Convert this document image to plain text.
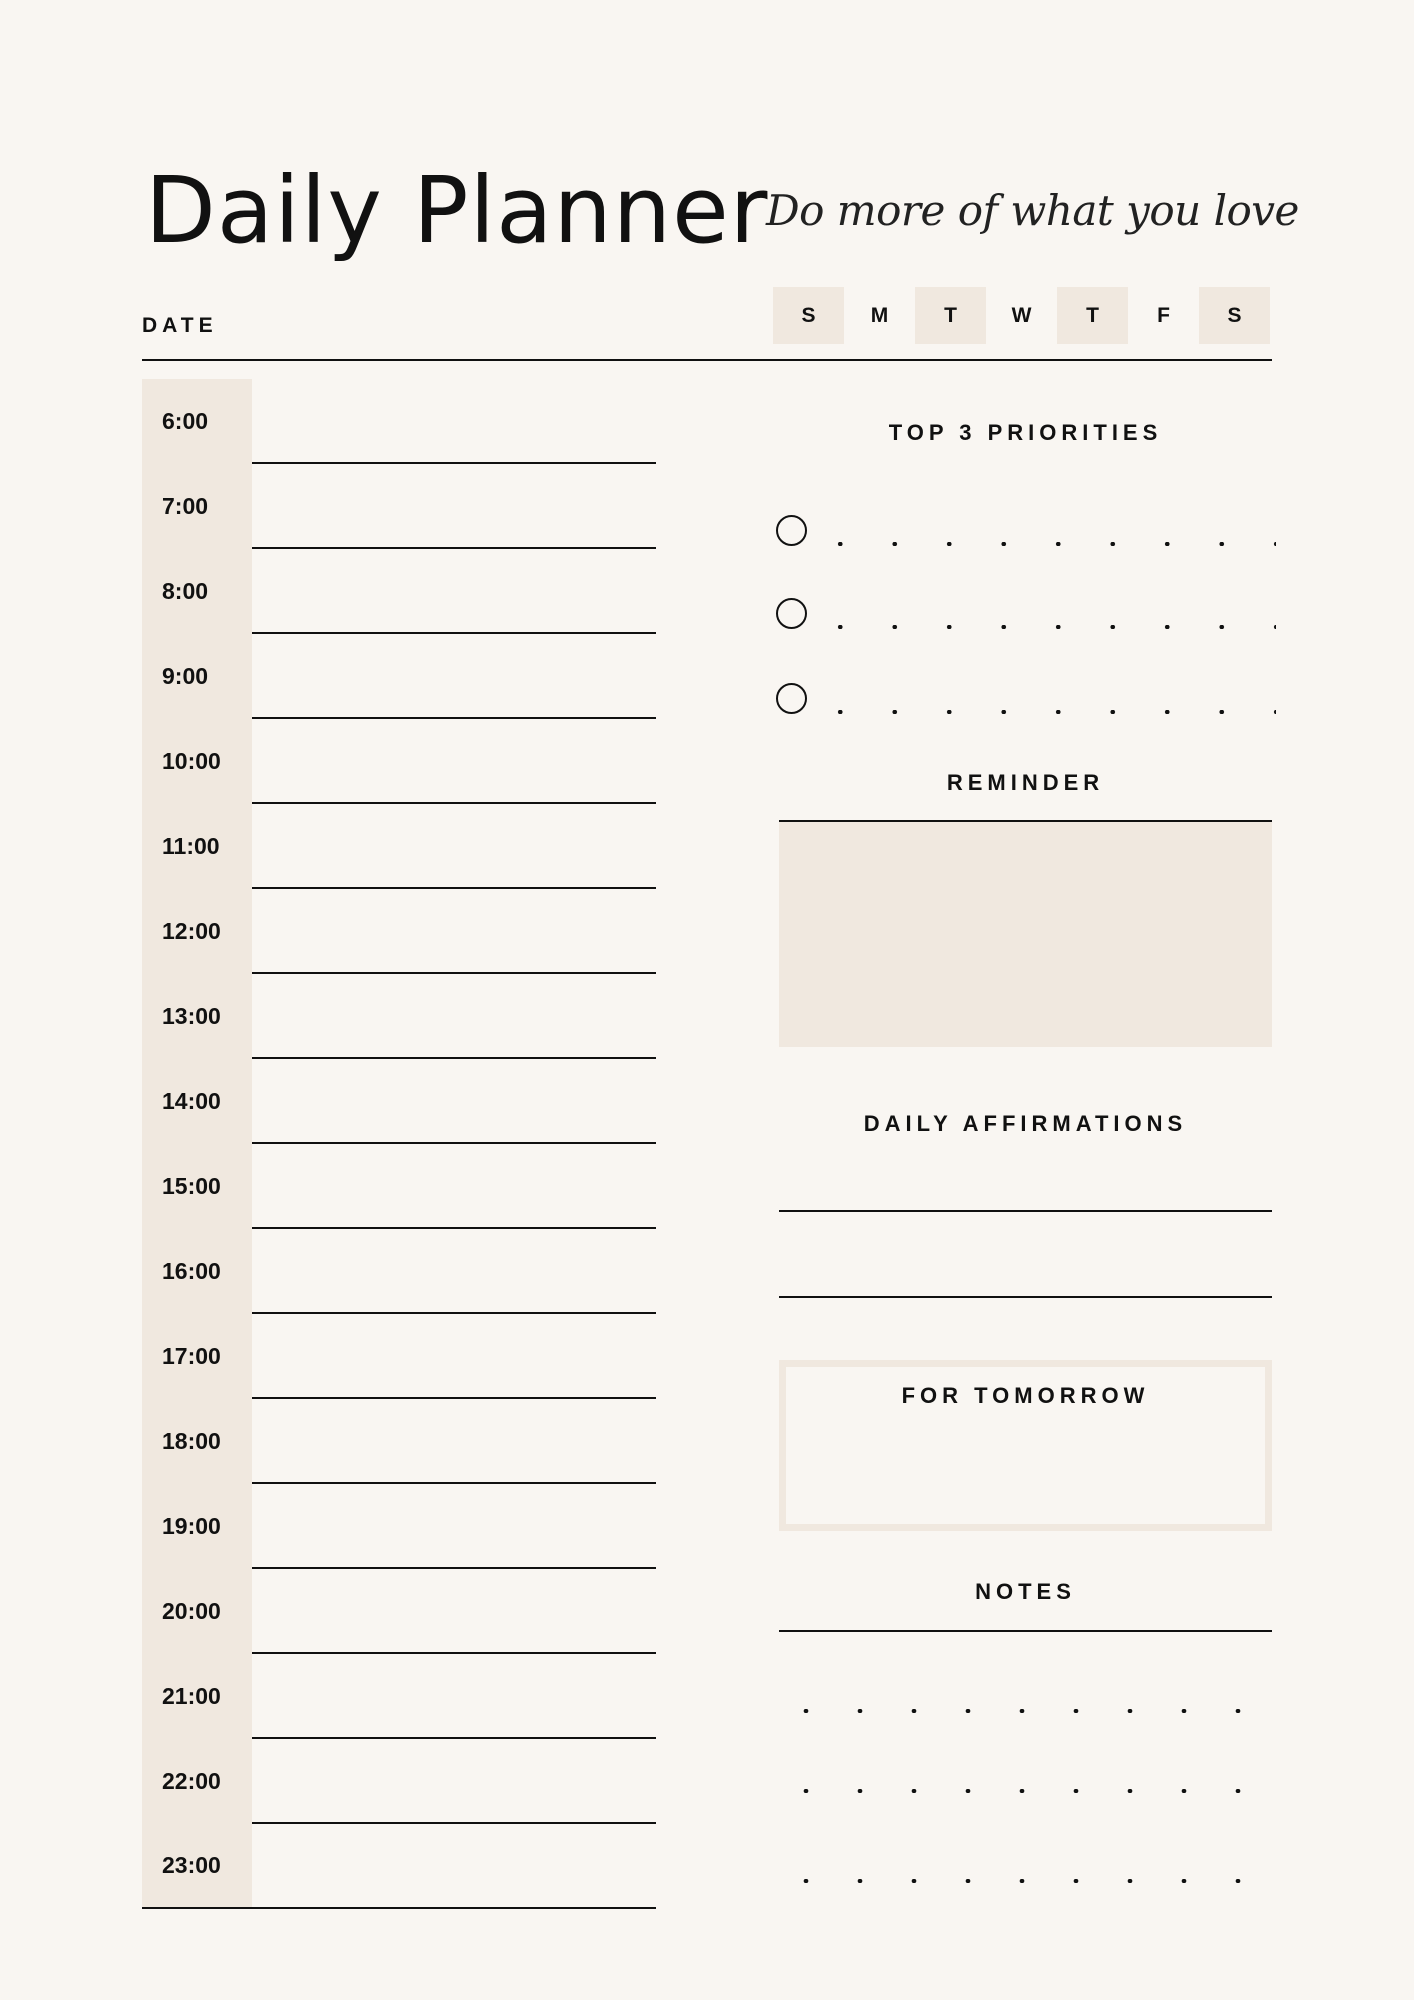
Daily Planner
Do more of what you love
DATE	S	M	T	W	T	F	S
6:00
7:00
8:00
9:00
10:00
11:00
12:00
13:00
14:00
15:00
16:00
17:00
18:00
19:00
20:00
21:00
22:00
23:00
TOP 3 PRIORITIES
REMINDER
DAILY AFFIRMATIONS
FOR TOMORROW
NOTES
